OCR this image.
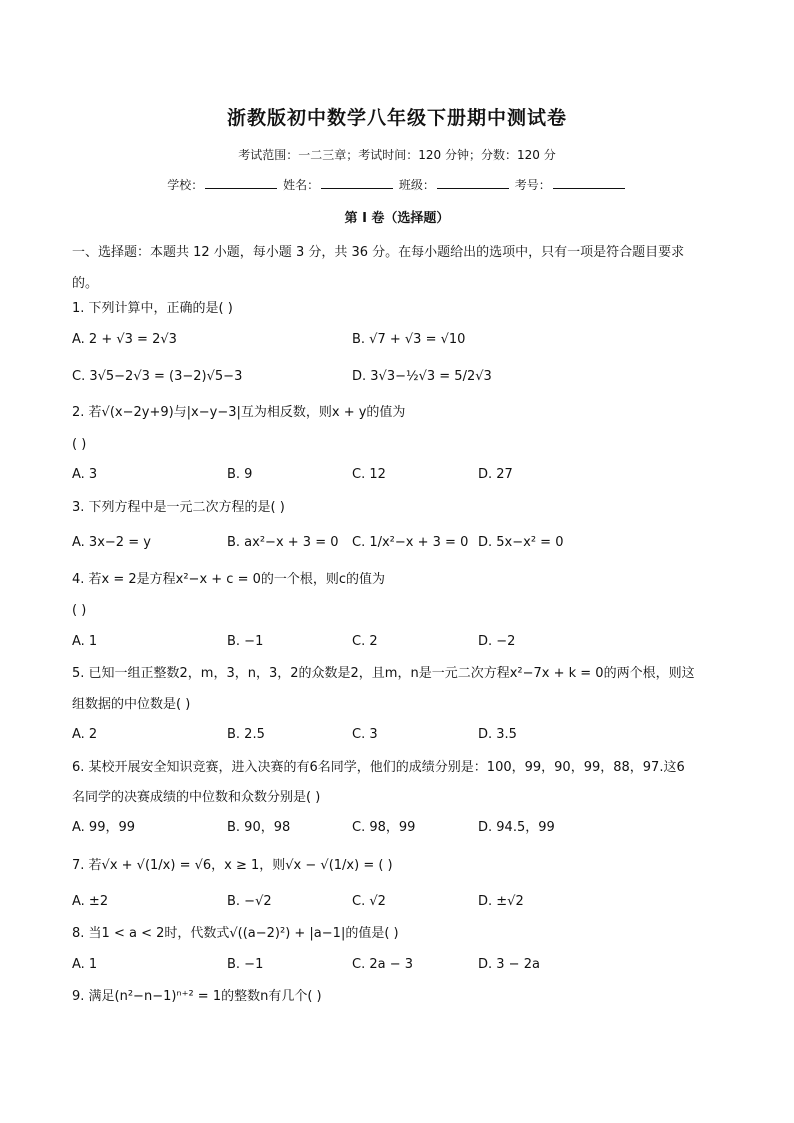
浙教版初中数学八年级下册期中测试卷
考试范围：一二三章；考试时间：120 分钟；分数：120 分
学校：	姓名：	班级：	考号：
第 I 卷（选择题）
一、选择题：本题共 12 小题，每小题 3 分，共 36 分。在每小题给出的选项中，只有一项是符合题目要求
的。
1. 下列计算中，正确的是( )
A. 2 + √3 = 2√3	B. √7 + √3 = √10
C. 3√5−2√3 = (3−2)√5−3	D. 3√3−½√3 = 5/2√3
2. 若√(x−2y+9)与|x−y−3|互为相反数，则x + y的值为
( )
A. 3	B. 9	C. 12	D. 27
3. 下列方程中是一元二次方程的是( )
A. 3x−2 = y	B. ax²−x + 3 = 0 C. 1/x²−x + 3 = 0 D. 5x−x² = 0
4. 若x = 2是方程x²−x + c = 0的一个根，则c的值为
( )
A. 1	B. −1	C. 2	D. −2
5. 已知一组正整数2，m，3，n，3，2的众数是2，且m，n是一元二次方程x²−7x + k = 0的两个根，则这
组数据的中位数是( )
A. 2	B. 2.5	C. 3	D. 3.5
6. 某校开展安全知识竞赛，进入决赛的有6名同学，他们的成绩分别是：100，99，90，99，88，97.这6
名同学的决赛成绩的中位数和众数分别是( )
A. 99，99	B. 90，98	C. 98，99	D. 94.5，99
7. 若√x + √(1/x) = √6，x ≥ 1，则√x − √(1/x) = ( )
A. ±2	B. −√2	C. √2	D. ±√2
8. 当1 < a < 2时，代数式√((a−2)²) + |a−1|的值是( )
A. 1	B. −1	C. 2a − 3	D. 3 − 2a
9. 满足(n²−n−1)ⁿ⁺² = 1的整数n有几个( )
